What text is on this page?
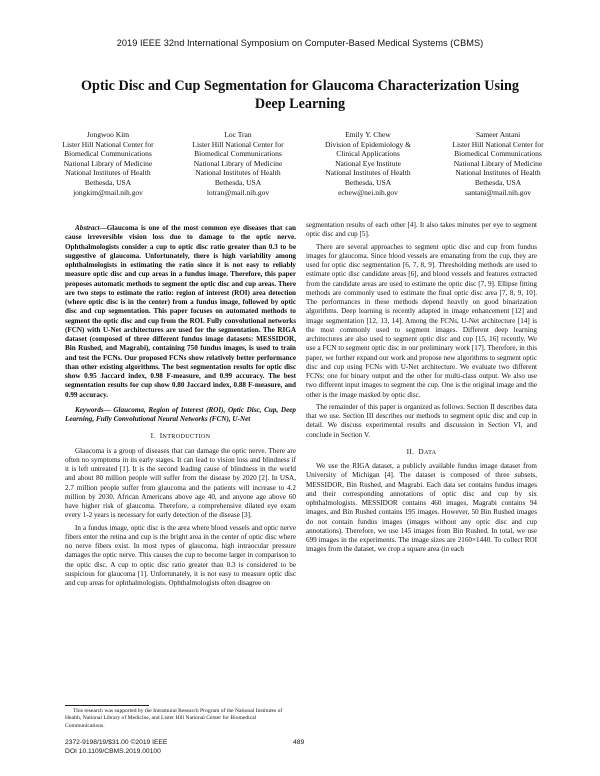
2019 IEEE 32nd International Symposium on Computer-Based Medical Systems (CBMS)
Optic Disc and Cup Segmentation for Glaucoma Characterization Using Deep Learning
Jongwoo Kim
Lister Hill National Center for
Biomedical Communications
National Library of Medicine
National Institutes of Health
Bethesda, USA
jongkim@mail.nih.gov
Loc Tran
Lister Hill National Center for
Biomedical Communications
National Library of Medicine
National Institutes of Health
Bethesda, USA
lotran@mail.nih.gov
Emily Y. Chew
Division of Epidemiology &
Clinical Applications
National Eye Institute
National Institutes of Health
Bethesda, USA
echew@nei.nih.gov
Sameer Antani
Lister Hill National Center for
Biomedical Communications
National Library of Medicine
National Institutes of Health
Bethesda, USA
santani@mail.nih.gov

Abstract—Glaucoma is one of the most common eye diseases that can cause irreversible vision loss due to damage to the optic nerve. Ophthalmologists consider a cup to optic disc ratio greater than 0.3 to be suggestive of glaucoma. Unfortunately, there is high variability among ophthalmologists in estimating the ratio since it is not easy to reliably measure optic disc and cup areas in a fundus image. Therefore, this paper proposes automatic methods to segment the optic disc and cup areas. There are two steps to estimate the ratio: region of interest (ROI) area detection (where optic disc is in the center) from a fundus image, followed by optic disc and cup segmentation. This paper focuses on automated methods to segment the optic disc and cup from the ROI. Fully convolutional networks (FCN) with U-Net architectures are used for the segmentation. The RIGA dataset (composed of three different fundus image datasets: MESSIDOR, Bin Rushed, and Magrabi), containing 750 fundus images, is used to train and test the FCNs. Our proposed FCNs show relatively better performance than other existing algorithms. The best segmentation results for optic disc show 0.95 Jaccard index, 0.98 F-measure, and 0.99 accuracy. The best segmentation results for cup show 0.80 Jaccard index, 0.88 F-measure, and 0.99 accuracy.

Keywords— Glaucoma, Region of Interest (ROI), Optic Disc, Cup, Deep Learning, Fully Convolutional Neural Networks (FCN), U-Net

I. INTRODUCTION

Glaucoma is a group of diseases that can damage the optic nerve. There are often no symptoms in its early stages. It can lead to vision loss and blindness if it is left untreated [1]. It is the second leading cause of blindness in the world and about 80 million people will suffer from the disease by 2020 [2]. In USA, 2.7 million people suffer from glaucoma and the patients will increase to 4.2 million by 2030. African Americans above age 40, and anyone age above 60 have higher risk of glaucoma. Therefore, a comprehensive dilated eye exam every 1-2 years is necessary for early detection of the disease [3].

In a fundus image, optic disc is the area where blood vessels and optic nerve fibers enter the retina and cup is the bright area in the center of optic disc where no nerve fibers exist. In most types of glaucoma, high intraocular pressure damages the optic nerve. This causes the cup to become larger in comparison to the optic disc. A cup to optic disc ratio greater than 0.3 is considered to be suspicious for glaucoma [1]. Unfortunately, it is not easy to measure optic disc and cup areas for ophthalmologists. Ophthalmologists often disagree on

segmentation results of each other [4]. It also takes minutes per eye to segment optic disc and cup [5].

There are several approaches to segment optic disc and cup from fundus images for glaucoma. Since blood vessels are emanating from the cup, they are used for optic disc segmentation [6, 7, 8, 9]. Thresholding methods are used to estimate optic disc candidate areas [6], and blood vessels and features extracted from the candidate areas are used to estimate the optic disc [7, 9]. Ellipse fitting methods are commonly used to estimate the final optic disc area [7, 8, 9, 10]. The performances in these methods depend heavily on good binarization algorithms. Deep learning is recently adapted in image enhancement [12] and image segmentation [12, 13, 14]. Among the FCNs, U-Net architecture [14] is the most commonly used to segment images. Different deep learning architectures are also used to segment optic disc and cup [15, 16] recently. We use a FCN to segment optic disc in our preliminary work [17]. Therefore, in this paper, we further expand our work and propose new algorithms to segment optic disc and cup using FCNs with U-Net architecture. We evaluate two different FCNs: one for binary output and the other for multi-class output. We also use two different input images to segment the cup. One is the original image and the other is the image masked by optic disc.

The remainder of this paper is organized as follows. Section II describes data that we use. Section III describes our methods to segment optic disc and cup in detail. We discuss experimental results and discussion in Section VI, and conclude in Section V.

II. DATA

We use the RIGA dataset, a publicly available fundus image dataset from University of Michigan [4]. The dataset is composed of three subsets, MESSIDOR, Bin Rushed, and Magrabi. Each data set contains fundus images and their corresponding annotations of optic disc and cup by six ophthalmologists. MESSIDOR contains 460 images, Magrabi contains 94 images, and Bin Rushed contains 195 images. However, 50 Bin Rushed images do not contain fundus images (images without any optic disc and cup annotations). Therefore, we use 145 images from Bin Rushed. In total, we use 699 images in the experiments. The image sizes are 2160×1440. To collect ROI images from the dataset, we crop a square area (in each

This research was supported by the Intramural Research Program of the National Institutes of Health, National Library of Medicine, and Lister Hill National Center for Biomedical Communications.
2372-9198/19/$31.00 ©2019 IEEE
DOI 10.1109/CBMS.2019.00100
489
